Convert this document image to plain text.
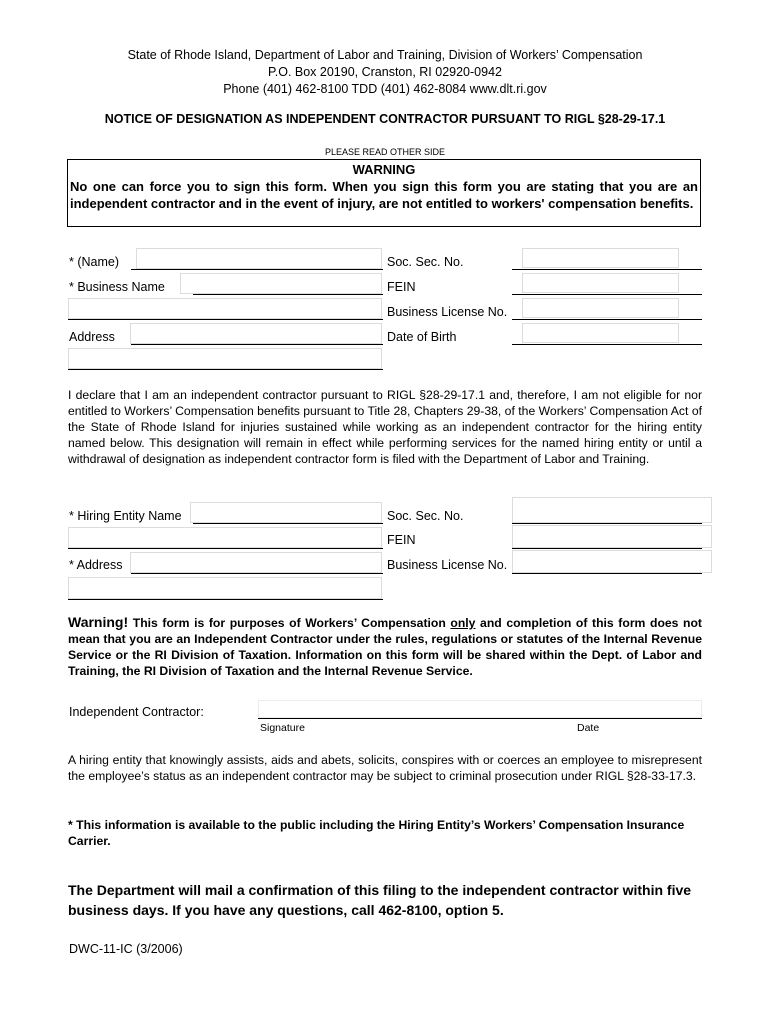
State of Rhode Island, Department of Labor and Training, Division of Workers’ Compensation
P.O. Box 20190, Cranston, RI 02920-0942
Phone (401) 462-8100 TDD (401) 462-8084 www.dlt.ri.gov
NOTICE OF DESIGNATION AS INDEPENDENT CONTRACTOR PURSUANT TO RIGL §28-29-17.1
PLEASE READ OTHER SIDE
WARNING
No one can force you to sign this form. When you sign this form you are stating that you are an independent contractor and in the event of injury, are not entitled to workers' compensation benefits.
* (Name)	Soc. Sec. No.
* Business Name	FEIN
Business License No.
Address	Date of Birth
I declare that I am an independent contractor pursuant to RIGL §28-29-17.1 and, therefore, I am not eligible for nor entitled to Workers’ Compensation benefits pursuant to Title 28, Chapters 29-38, of the Workers’ Compensation Act of the State of Rhode Island for injuries sustained while working as an independent contractor for the hiring entity named below. This designation will remain in effect while performing services for the named hiring entity or until a withdrawal of designation as independent contractor form is filed with the Department of Labor and Training.
* Hiring Entity Name	Soc. Sec. No.
FEIN
* Address	Business License No.
Warning! This form is for purposes of Workers’ Compensation only and completion of this form does not mean that you are an Independent Contractor under the rules, regulations or statutes of the Internal Revenue Service or the RI Division of Taxation. Information on this form will be shared within the Dept. of Labor and Training, the RI Division of Taxation and the Internal Revenue Service.
Independent Contractor:
Signature	Date
A hiring entity that knowingly assists, aids and abets, solicits, conspires with or coerces an employee to misrepresent the employee’s status as an independent contractor may be subject to criminal prosecution under RIGL §28-33-17.3.
* This information is available to the public including the Hiring Entity’s Workers’ Compensation Insurance Carrier.
The Department will mail a confirmation of this filing to the independent contractor within five business days. If you have any questions, call 462-8100, option 5.
DWC-11-IC (3/2006)
